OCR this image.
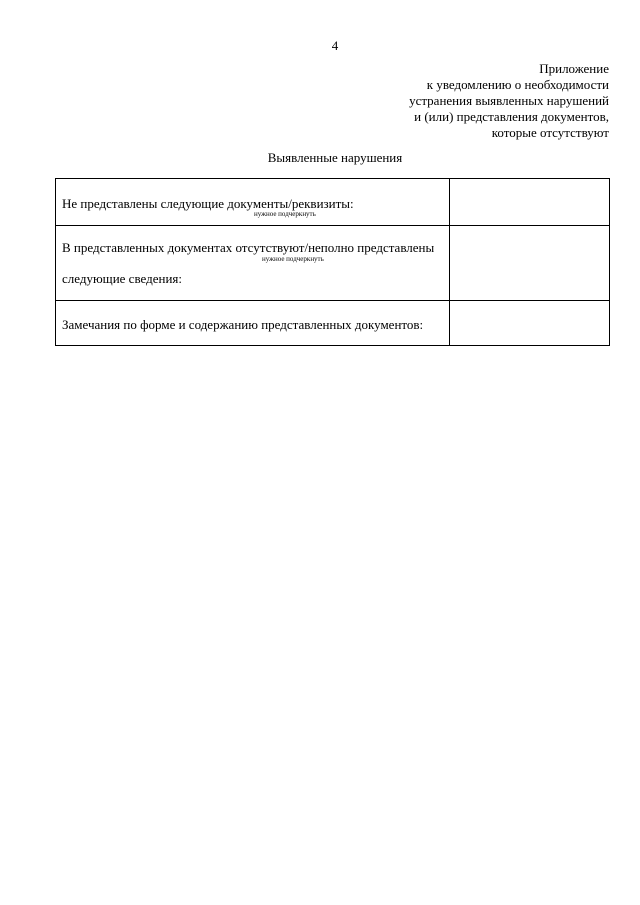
4
Приложение
к уведомлению о необходимости
устранения выявленных нарушений
и (или) представления документов,
которые отсутствуют
Выявленные нарушения
Не представлены следующие документы/реквизиты:
нужное подчеркнуть	

В представленных документах отсутствуют/неполно представлены
нужное подчеркнуть
следующие сведения:	

Замечания по форме и содержанию представленных документов:	
